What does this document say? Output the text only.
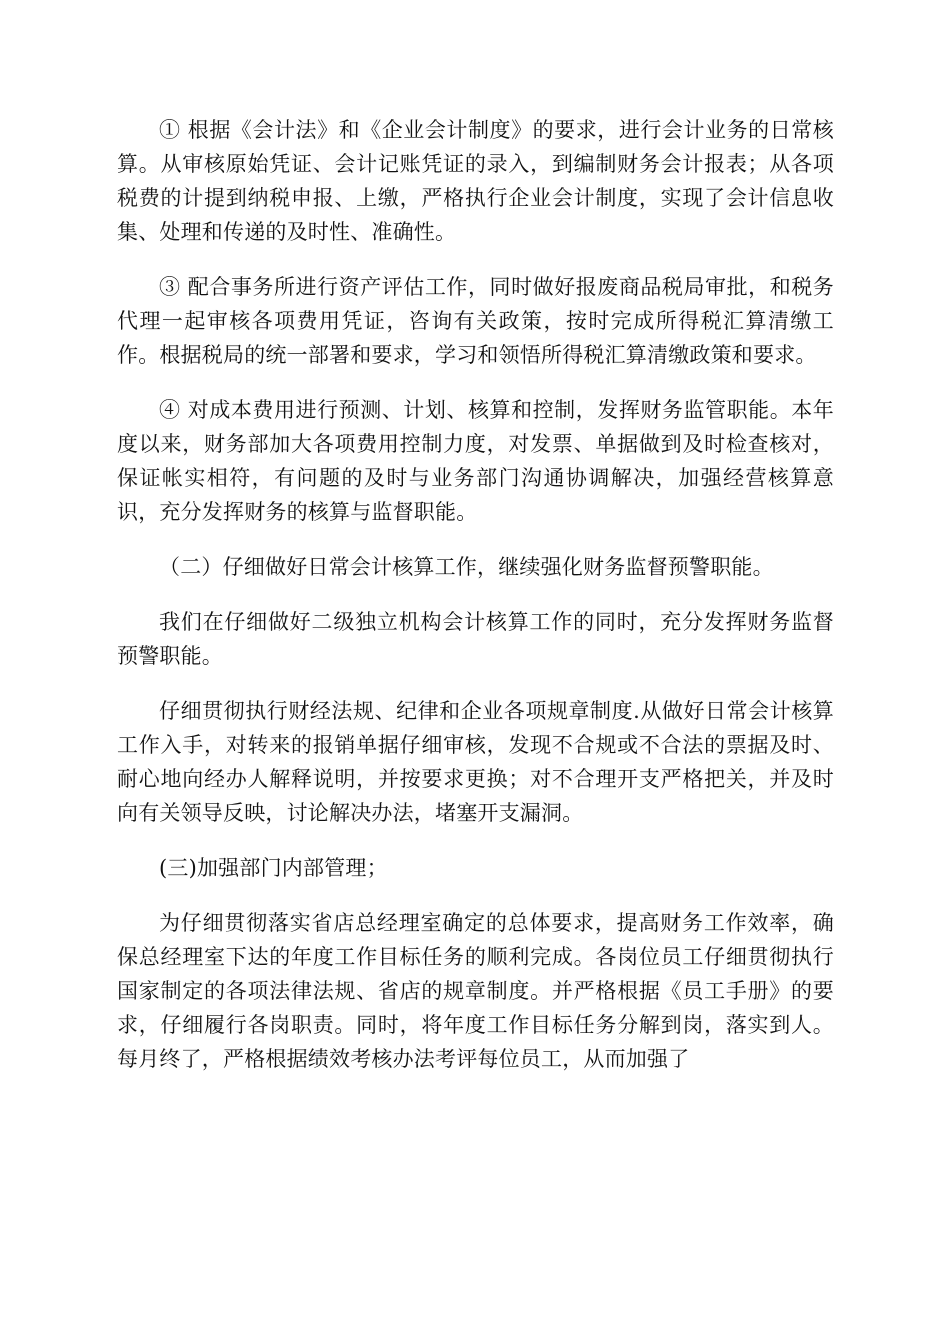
① 根据《会计法》和《企业会计制度》的要求，进行会计业务的日常核算。从审核原始凭证、会计记账凭证的录入，到编制财务会计报表；从各项税费的计提到纳税申报、上缴，严格执行企业会计制度，实现了会计信息收集、处理和传递的及时性、准确性。

③ 配合事务所进行资产评估工作，同时做好报废商品税局审批，和税务代理一起审核各项费用凭证，咨询有关政策，按时完成所得税汇算清缴工作。根据税局的统一部署和要求，学习和领悟所得税汇算清缴政策和要求。

④ 对成本费用进行预测、计划、核算和控制，发挥财务监管职能。本年度以来，财务部加大各项费用控制力度，对发票、单据做到及时检查核对，保证帐实相符，有问题的及时与业务部门沟通协调解决，加强经营核算意识，充分发挥财务的核算与监督职能。

（二）仔细做好日常会计核算工作，继续强化财务监督预警职能。

我们在仔细做好二级独立机构会计核算工作的同时，充分发挥财务监督预警职能。

仔细贯彻执行财经法规、纪律和企业各项规章制度.从做好日常会计核算工作入手，对转来的报销单据仔细审核，发现不合规或不合法的票据及时、耐心地向经办人解释说明，并按要求更换；对不合理开支严格把关，并及时向有关领导反映，讨论解决办法，堵塞开支漏洞。

(三)加强部门内部管理；

为仔细贯彻落实省店总经理室确定的总体要求，提高财务工作效率，确保总经理室下达的年度工作目标任务的顺利完成。各岗位员工仔细贯彻执行国家制定的各项法律法规、省店的规章制度。并严格根据《员工手册》的要求，仔细履行各岗职责。同时，将年度工作目标任务分解到岗，落实到人。每月终了，严格根据绩效考核办法考评每位员工，从而加强了
